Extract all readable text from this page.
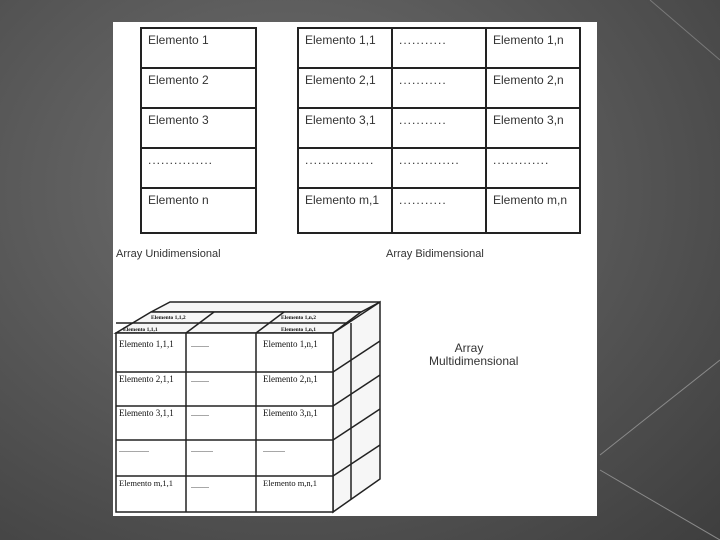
Elemento 1
Elemento 2
Elemento 3
...............
Elemento n
Array Unidimensional
Elemento 1,1	...........	Elemento 1,n
Elemento 2,1	...........	Elemento 2,n
Elemento 3,1	...........	Elemento 3,n
................	..............	.............
Elemento m,1	...........	Elemento m,n
Array Bidimensional
Elemento 1,1,2	Elemento 1,n,2
Elemento 1,1,1	Elemento 1,n,1
Elemento 1,1,1 .........	Elemento 1,n,1
Elemento 2,1,1 .........	Elemento 2,n,1
Elemento 3,1,1 .........	Elemento 3,n,1
...............	...........	...........
Elemento m,1,1 .........	Elemento m,n,1
Array Multidimensional
